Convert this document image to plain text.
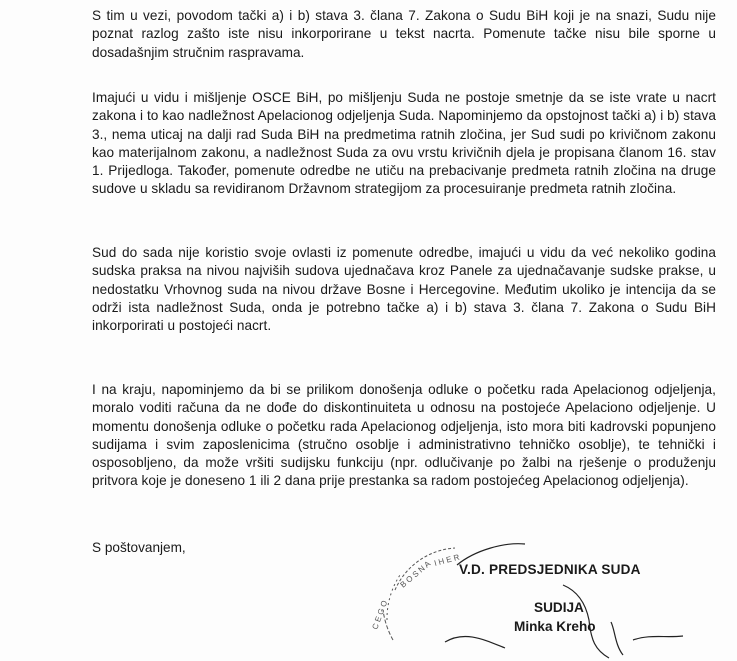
S tim u vezi, povodom tački a) i b) stava 3. člana 7. Zakona o Sudu BiH koji je na snazi, Sudu nije poznat razlog zašto iste nisu inkorporirane u tekst nacrta. Pomenute tačke nisu bile sporne u dosadašnjim stručnim raspravama.

Imajući u vidu i mišljenje OSCE BiH, po mišljenju Suda ne postoje smetnje da se iste vrate u nacrt zakona i to kao nadležnost Apelacionog odjeljenja Suda. Napominjemo da opstojnost tački a) i b) stava 3., nema uticaj na dalji rad Suda BiH na predmetima ratnih zločina, jer Sud sudi po krivičnom zakonu kao materijalnom zakonu, a nadležnost Suda za ovu vrstu krivičnih djela je propisana članom 16. stav 1. Prijedloga. Također, pomenute odredbe ne utiču na prebacivanje predmeta ratnih zločina na druge sudove u skladu sa revidiranom Državnom strategijom za procesuiranje predmeta ratnih zločina.

Sud do sada nije koristio svoje ovlasti iz pomenute odredbe, imajući u vidu da već nekoliko godina sudska praksa na nivou najviših sudova ujednačava kroz Panele za ujednačavanje sudske prakse, u nedostatku Vrhovnog suda na nivou države Bosne i Hercegovine. Međutim ukoliko je intencija da se održi ista nadležnost Suda, onda je potrebno tačke a) i b) stava 3. člana 7. Zakona o Sudu BiH inkorporirati u postojeći nacrt.

I na kraju, napominjemo da bi se prilikom donošenja odluke o početku rada Apelacionog odjeljenja, moralo voditi računa da ne dođe do diskontinuiteta u odnosu na postojeće Apelaciono odjeljenje. U momentu donošenja odluke o početku rada Apelacionog odjeljenja, isto mora biti kadrovski popunjeno sudijama i svim zaposlenicima (stručno osoblje i administrativno tehničko osoblje), te tehnički i osposobljeno, da može vršiti sudijsku funkciju (npr. odlučivanje po žalbi na rješenje o produženju pritvora koje je doneseno 1 ili 2 dana prije prestanka sa radom postojećeg Apelacionog odjeljenja).

S poštovanjem,

B O S N A I H E R
C E G O

V.D. PREDSJEDNIKA SUDA

SUDIJA

Minka Kreho
